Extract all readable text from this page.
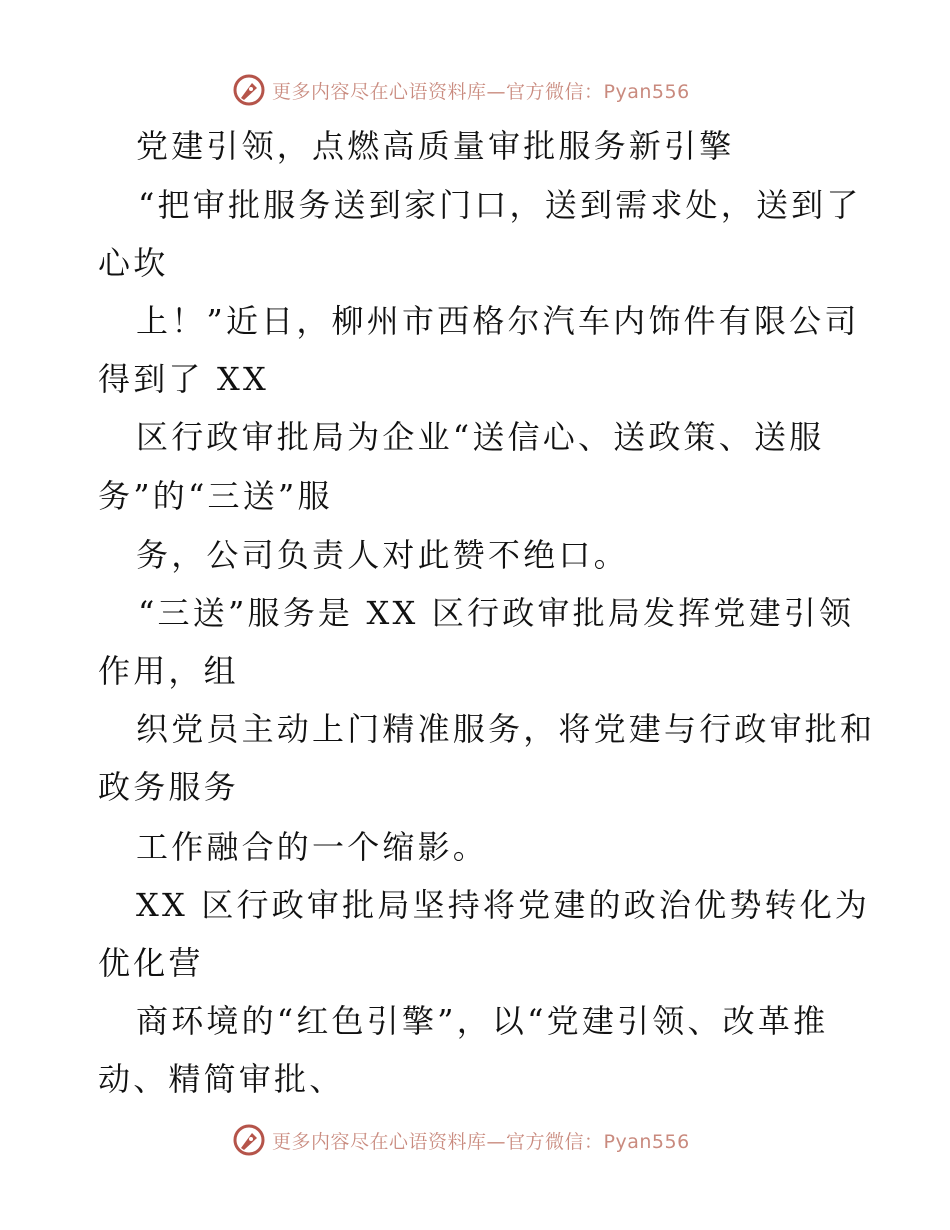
更多内容尽在心语资料库—官方微信：Pyan556
党建引领，点燃高质量审批服务新引擎
“把审批服务送到家门口，送到需求处，送到了
心坎
上！”近日，柳州市西格尔汽车内饰件有限公司
得到了 XX
区行政审批局为企业“送信心、送政策、送服
务”的“三送”服
务，公司负责人对此赞不绝口。
“三送”服务是 XX 区行政审批局发挥党建引领
作用，组
织党员主动上门精准服务，将党建与行政审批和
政务服务
工作融合的一个缩影。
XX 区行政审批局坚持将党建的政治优势转化为
优化营
商环境的“红色引擎”，以“党建引领、改革推
动、精简审批、
更多内容尽在心语资料库—官方微信：Pyan556
